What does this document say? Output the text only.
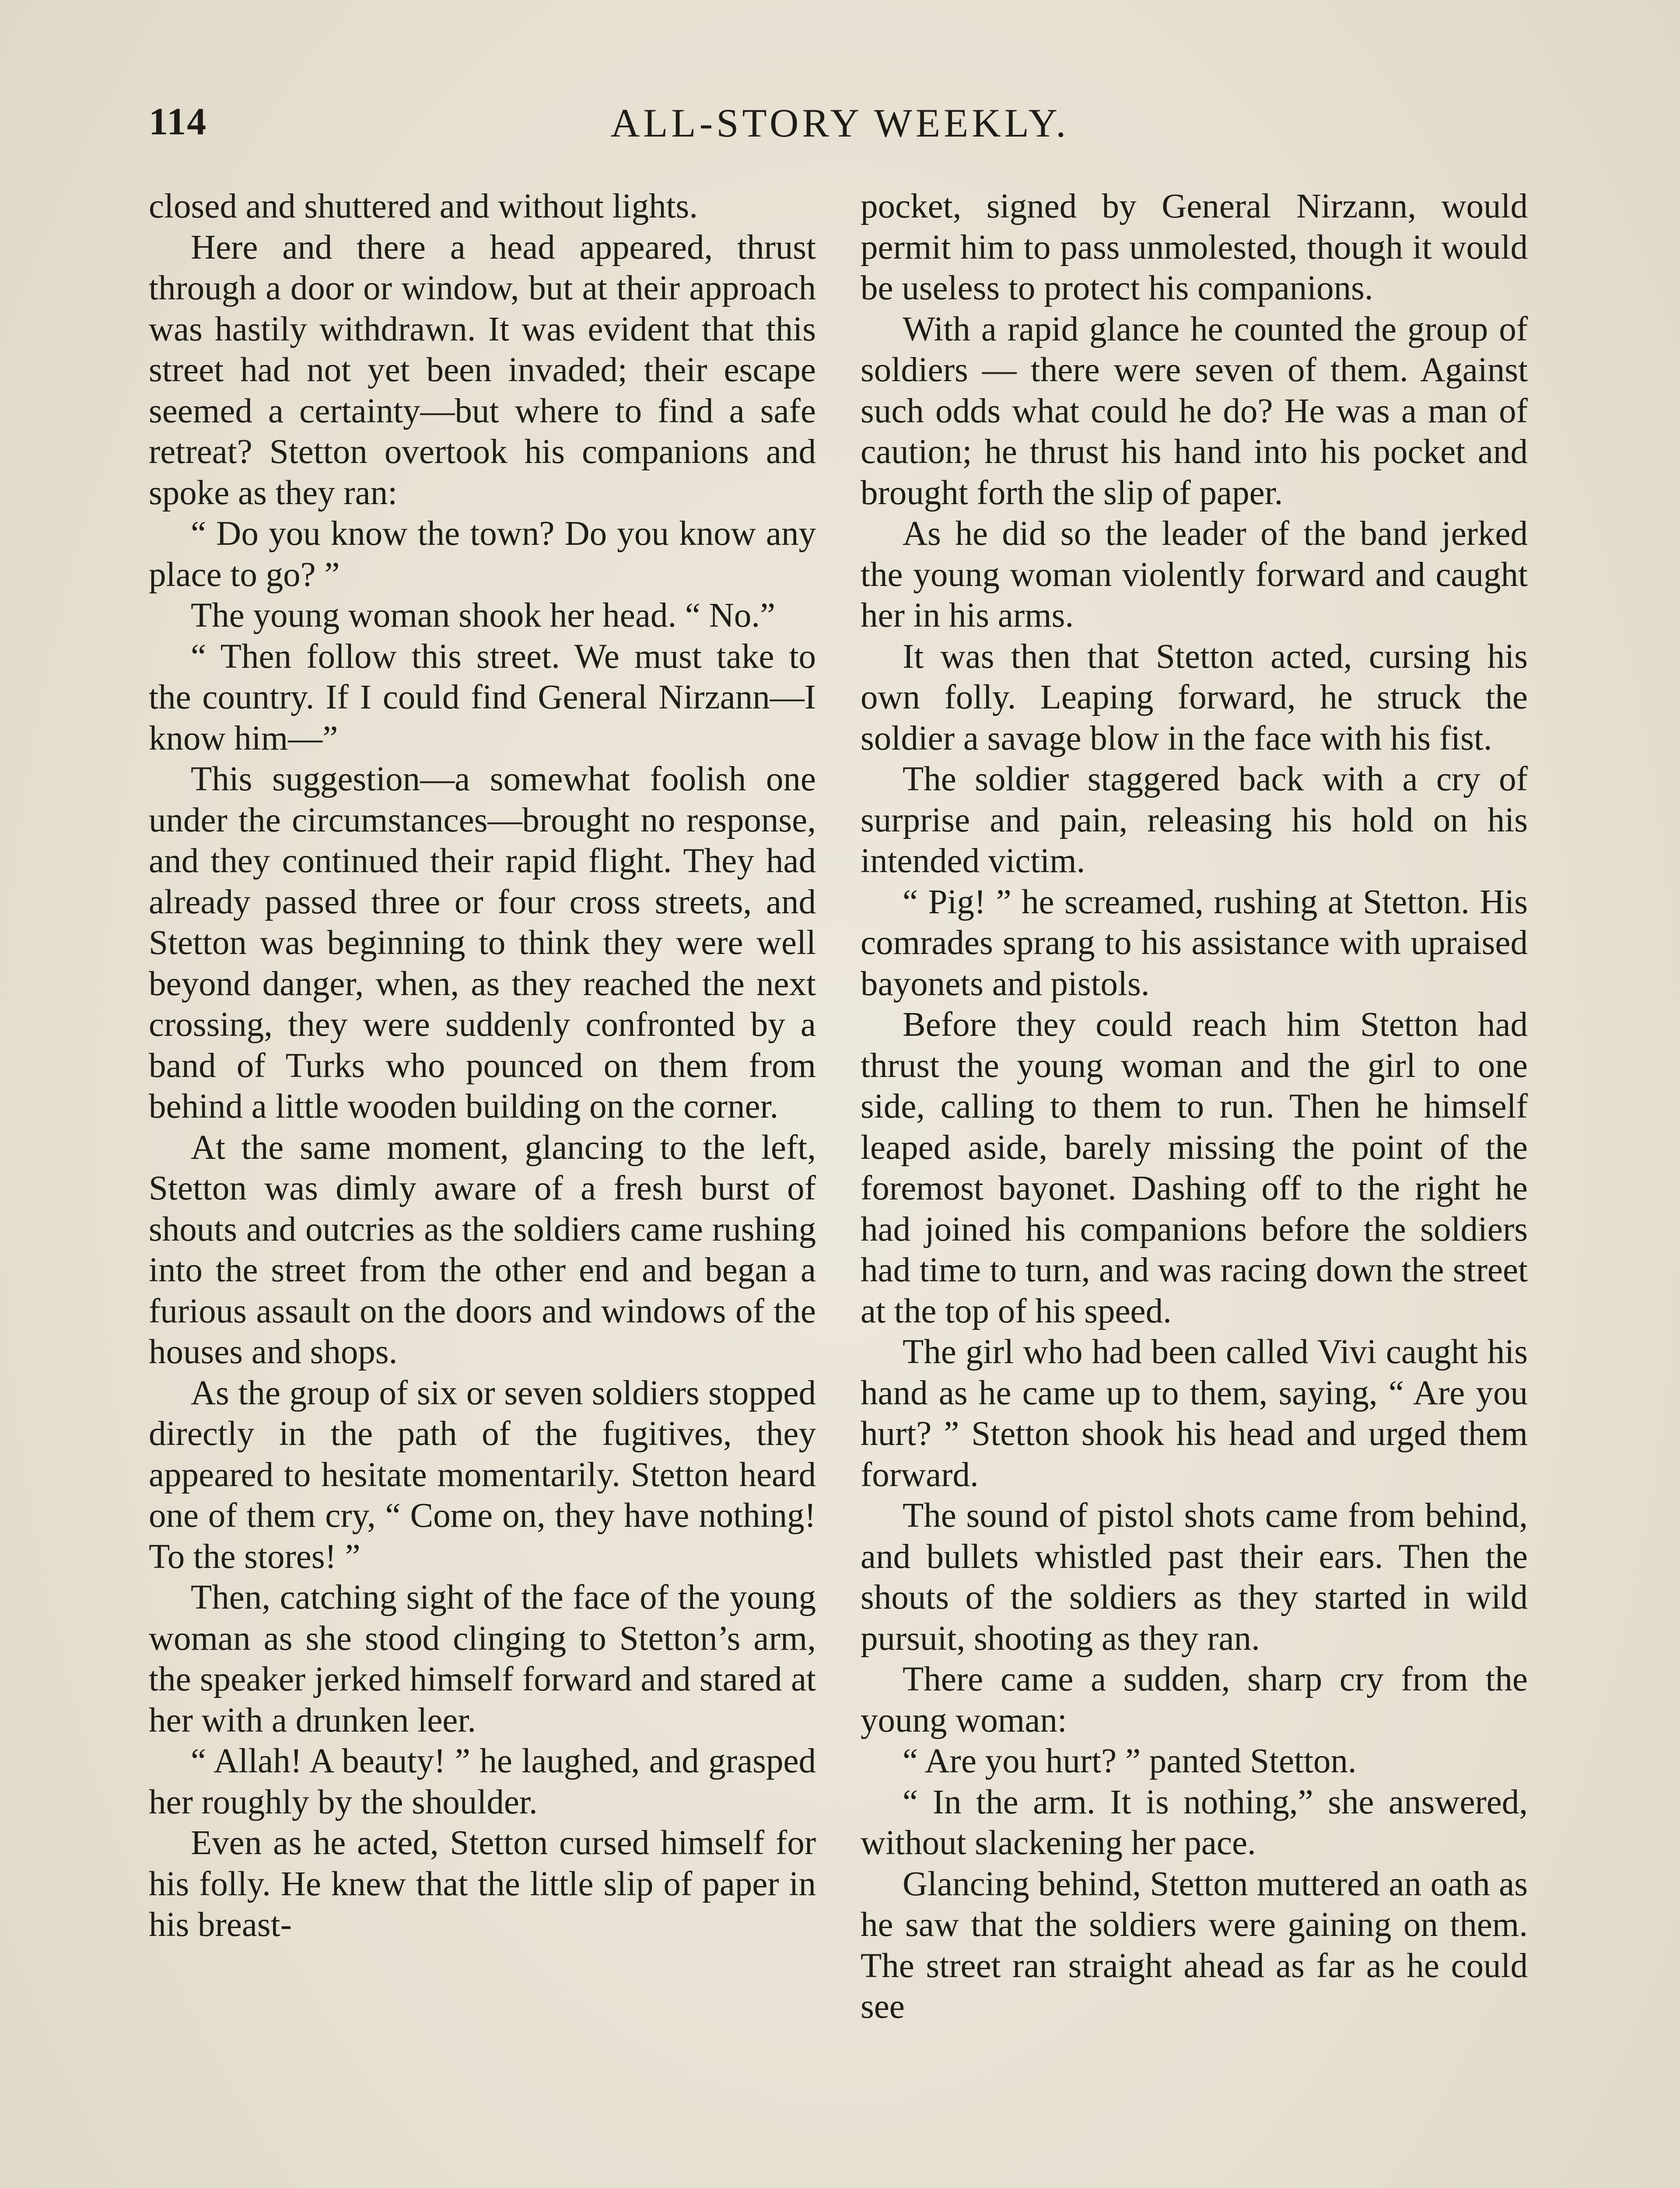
114	ALL-STORY WEEKLY.

closed and shuttered and without lights.

Here and there a head appeared, thrust through a door or window, but at their approach was hastily withdrawn. It was evident that this street had not yet been invaded; their escape seemed a certainty—but where to find a safe retreat? Stetton overtook his companions and spoke as they ran:

“ Do you know the town? Do you know any place to go? ”

The young woman shook her head. “ No.”

“ Then follow this street. We must take to the country. If I could find General Nirzann—I know him—”

This suggestion—a somewhat foolish one under the circumstances—brought no response, and they continued their rapid flight. They had already passed three or four cross streets, and Stetton was beginning to think they were well beyond danger, when, as they reached the next crossing, they were suddenly confronted by a band of Turks who pounced on them from behind a little wooden building on the corner.

At the same moment, glancing to the left, Stetton was dimly aware of a fresh burst of shouts and outcries as the soldiers came rushing into the street from the other end and began a furious assault on the doors and windows of the houses and shops.

As the group of six or seven soldiers stopped directly in the path of the fugitives, they appeared to hesitate momentarily. Stetton heard one of them cry, “ Come on, they have nothing! To the stores! ”

Then, catching sight of the face of the young woman as she stood clinging to Stetton’s arm, the speaker jerked himself forward and stared at her with a drunken leer.

“ Allah! A beauty! ” he laughed, and grasped her roughly by the shoulder.

Even as he acted, Stetton cursed himself for his folly. He knew that the little slip of paper in his breast-

pocket, signed by General Nirzann, would permit him to pass unmolested, though it would be useless to protect his companions.

With a rapid glance he counted the group of soldiers — there were seven of them. Against such odds what could he do? He was a man of caution; he thrust his hand into his pocket and brought forth the slip of paper.

As he did so the leader of the band jerked the young woman violently forward and caught her in his arms.

It was then that Stetton acted, cursing his own folly. Leaping forward, he struck the soldier a savage blow in the face with his fist.

The soldier staggered back with a cry of surprise and pain, releasing his hold on his intended victim.

“ Pig! ” he screamed, rushing at Stetton. His comrades sprang to his assistance with upraised bayonets and pistols.

Before they could reach him Stetton had thrust the young woman and the girl to one side, calling to them to run. Then he himself leaped aside, barely missing the point of the foremost bayonet. Dashing off to the right he had joined his companions before the soldiers had time to turn, and was racing down the street at the top of his speed.

The girl who had been called Vivi caught his hand as he came up to them, saying, “ Are you hurt? ” Stetton shook his head and urged them forward.

The sound of pistol shots came from behind, and bullets whistled past their ears. Then the shouts of the soldiers as they started in wild pursuit, shooting as they ran.

There came a sudden, sharp cry from the young woman:

“ Are you hurt? ” panted Stetton.

“ In the arm. It is nothing,” she answered, without slackening her pace.

Glancing behind, Stetton muttered an oath as he saw that the soldiers were gaining on them. The street ran straight ahead as far as he could see
